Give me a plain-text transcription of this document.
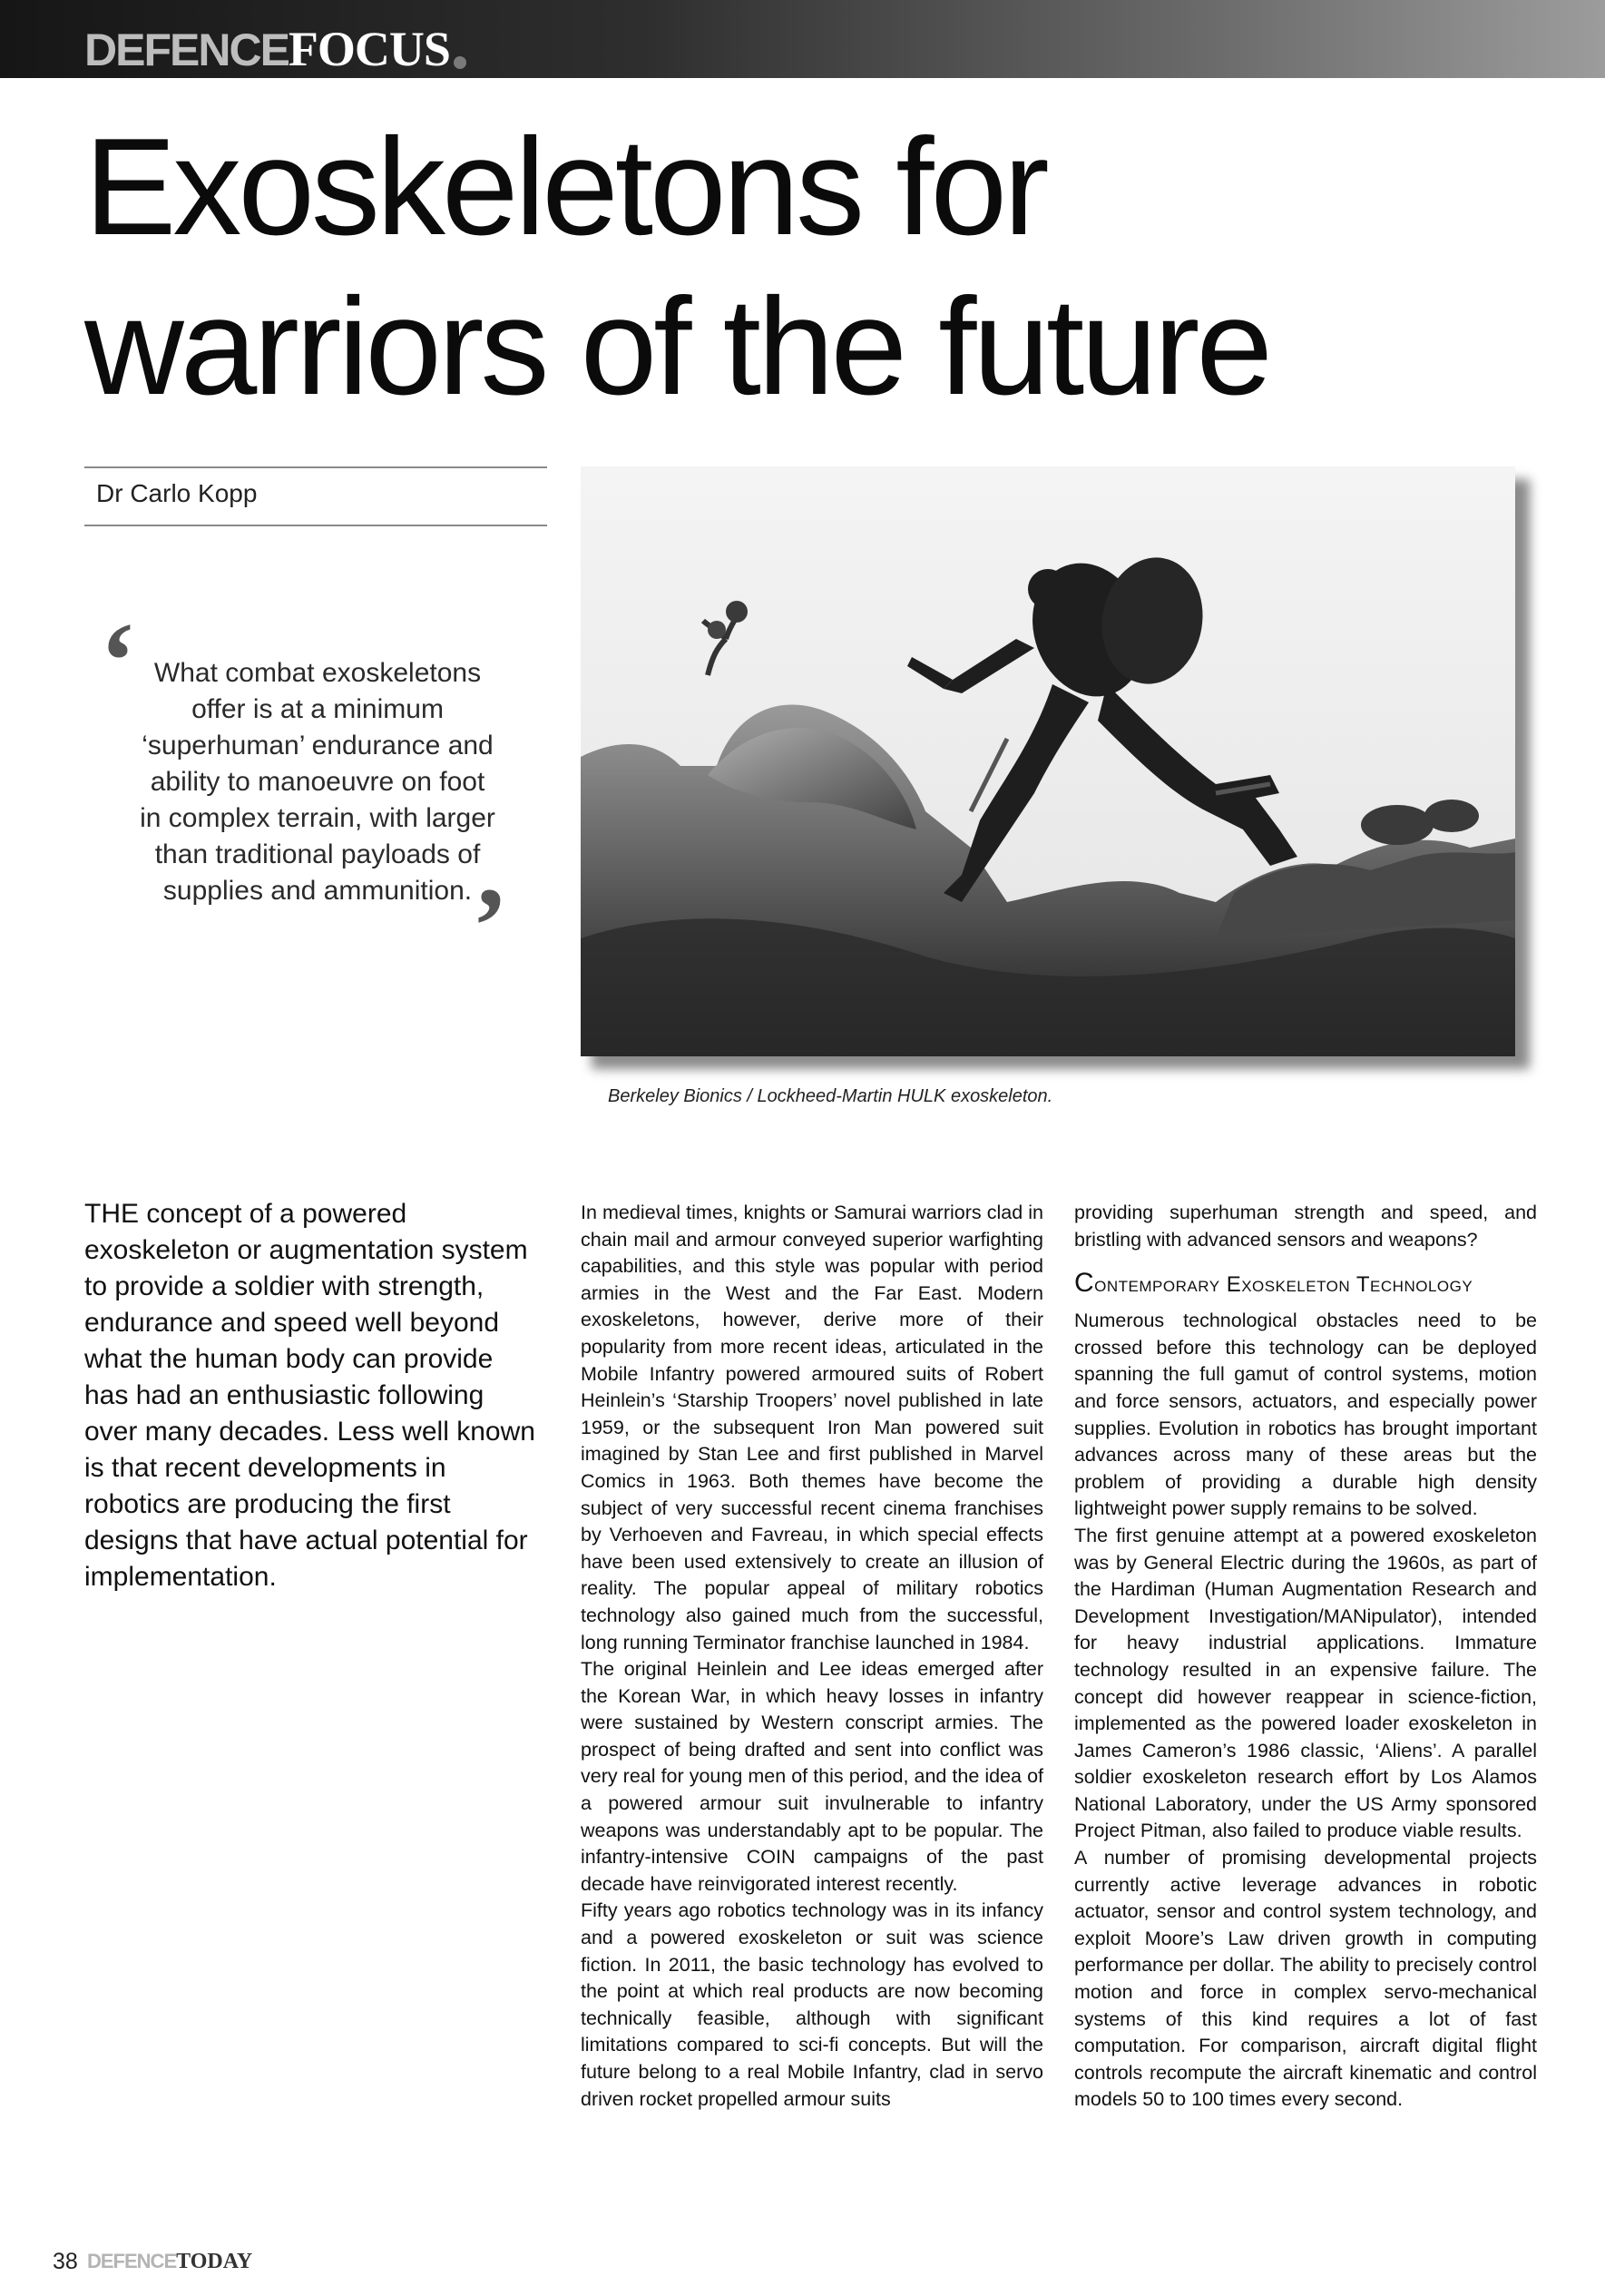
DEFENCEFOCUS
Exoskeletons for
warriors of the future
Dr Carlo Kopp
‘ What combat exoskeletons offer is at a minimum ‘superhuman’ endurance and ability to manoeuvre on foot in complex terrain, with larger than traditional payloads of supplies and ammunition. ’
Berkeley Bionics / Lockheed-Martin HULK exoskeleton.

THE concept of a powered exoskeleton or augmentation system to provide a soldier with strength, endurance and speed well beyond what the human body can provide has had an enthusiastic following over many decades. Less well known is that recent developments in robotics are producing the first designs that have actual potential for implementation.

In medieval times, knights or Samurai warriors clad in chain mail and armour conveyed superior warfighting capabilities, and this style was popular with period armies in the West and the Far East. Modern exoskeletons, however, derive more of their popularity from more recent ideas, articulated in the Mobile Infantry powered armoured suits of Robert Heinlein’s ‘Starship Troopers’ novel published in late 1959, or the subsequent Iron Man powered suit imagined by Stan Lee and first published in Marvel Comics in 1963. Both themes have become the subject of very successful recent cinema franchises by Verhoeven and Favreau, in which special effects have been used extensively to create an illusion of reality. The popular appeal of military robotics technology also gained much from the successful, long running Terminator franchise launched in 1984.

The original Heinlein and Lee ideas emerged after the Korean War, in which heavy losses in infantry were sustained by Western conscript armies. The prospect of being drafted and sent into conflict was very real for young men of this period, and the idea of a powered armour suit invulnerable to infantry weapons was understandably apt to be popular. The infantry-intensive COIN campaigns of the past decade have reinvigorated interest recently.

Fifty years ago robotics technology was in its infancy and a powered exoskeleton or suit was science fiction. In 2011, the basic technology has evolved to the point at which real products are now becoming technically feasible, although with significant limitations compared to sci-fi concepts. But will the future belong to a real Mobile Infantry, clad in servo driven rocket propelled armour suits

providing superhuman strength and speed, and bristling with advanced sensors and weapons?

Contemporary Exoskeleton Technology

Numerous technological obstacles need to be crossed before this technology can be deployed spanning the full gamut of control systems, motion and force sensors, actuators, and especially power supplies. Evolution in robotics has brought important advances across many of these areas but the problem of providing a durable high density lightweight power supply remains to be solved.

The first genuine attempt at a powered exoskeleton was by General Electric during the 1960s, as part of the Hardiman (Human Augmentation Research and Development Investigation/MANipulator), intended for heavy industrial applications. Immature technology resulted in an expensive failure. The concept did however reappear in science-fiction, implemented as the powered loader exoskeleton in James Cameron’s 1986 classic, ‘Aliens’. A parallel soldier exoskeleton research effort by Los Alamos National Laboratory, under the US Army sponsored Project Pitman, also failed to produce viable results.

A number of promising developmental projects currently active leverage advances in robotic actuator, sensor and control system technology, and exploit Moore’s Law driven growth in computing performance per dollar. The ability to precisely control motion and force in complex servo-mechanical systems of this kind requires a lot of fast computation. For comparison, aircraft digital flight controls recompute the aircraft kinematic and control models 50 to 100 times every second.

38 DEFENCETODAY
